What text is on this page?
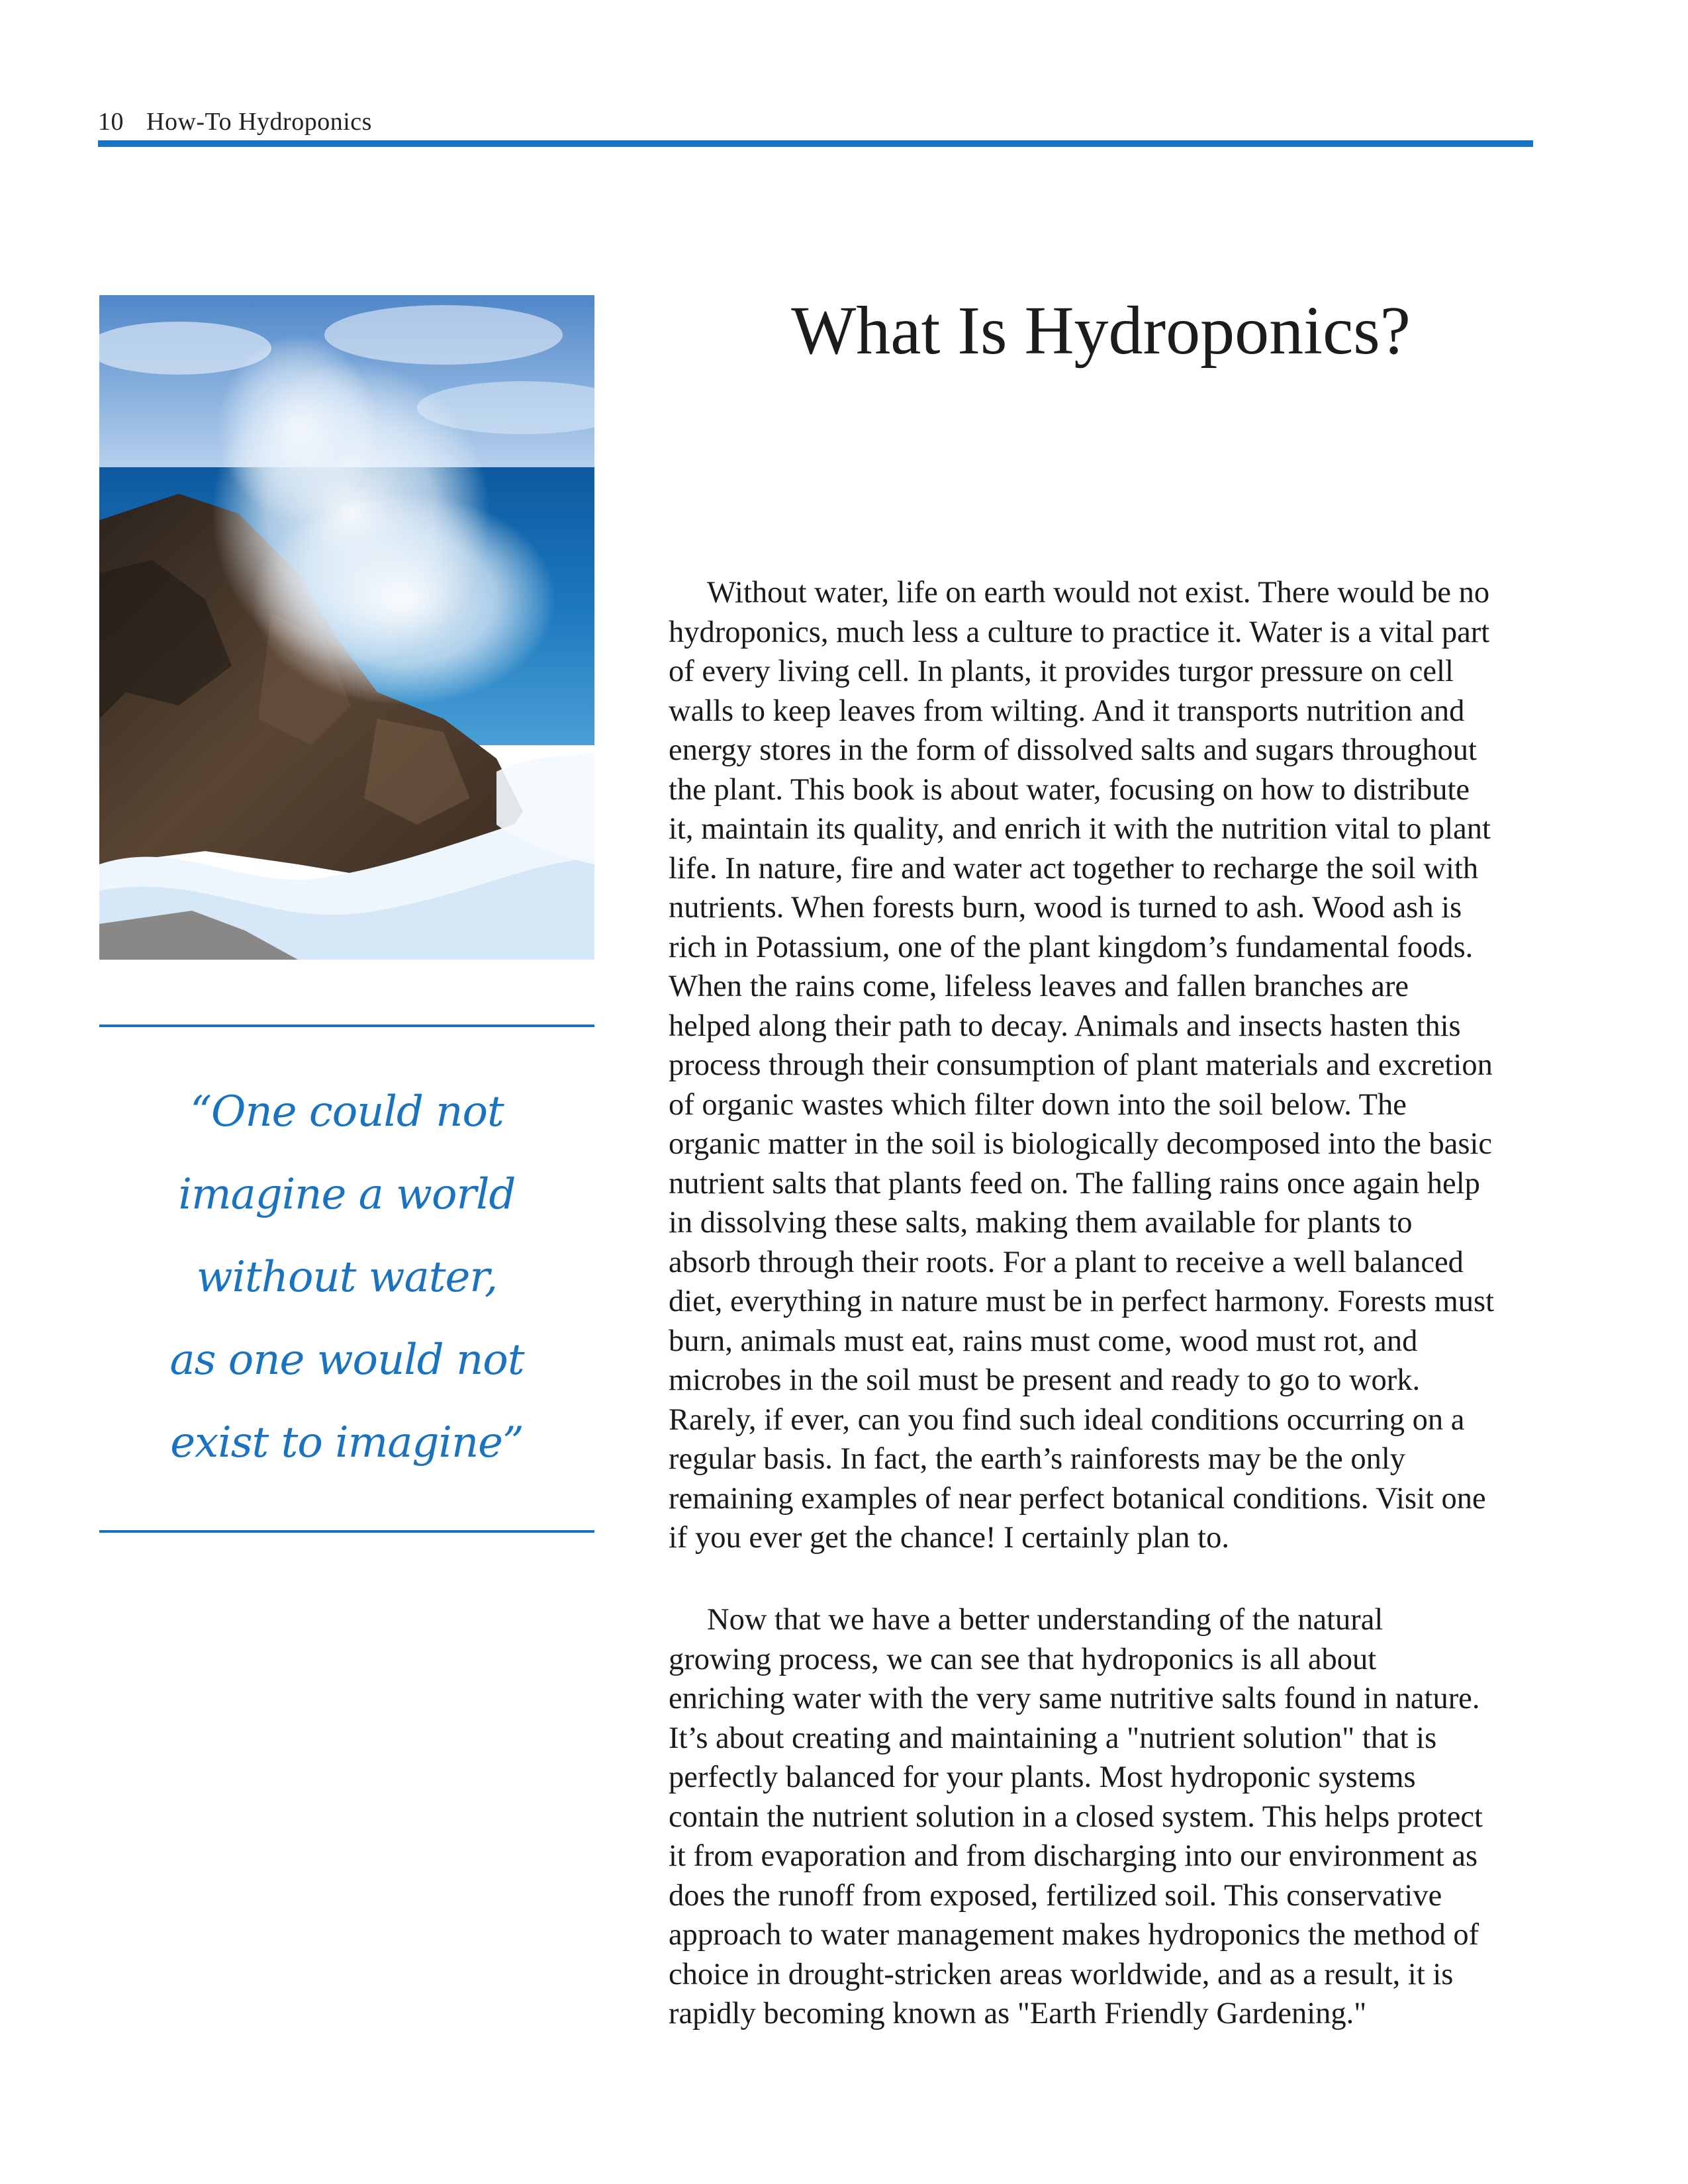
10 How-To Hydroponics
“One could not
imagine a world
without water,
as one would not
exist to imagine”
What Is Hydroponics?
Without water, life on earth would not exist. There would be no
hydroponics, much less a culture to practice it. Water is a vital part
of every living cell. In plants, it provides turgor pressure on cell
walls to keep leaves from wilting. And it transports nutrition and
energy stores in the form of dissolved salts and sugars throughout
the plant. This book is about water, focusing on how to distribute
it, maintain its quality, and enrich it with the nutrition vital to plant
life. In nature, fire and water act together to recharge the soil with
nutrients. When forests burn, wood is turned to ash. Wood ash is
rich in Potassium, one of the plant kingdom’s fundamental foods.
When the rains come, lifeless leaves and fallen branches are
helped along their path to decay. Animals and insects hasten this
process through their consumption of plant materials and excretion
of organic wastes which filter down into the soil below. The
organic matter in the soil is biologically decomposed into the basic
nutrient salts that plants feed on. The falling rains once again help
in dissolving these salts, making them available for plants to
absorb through their roots. For a plant to receive a well balanced
diet, everything in nature must be in perfect harmony. Forests must
burn, animals must eat, rains must come, wood must rot, and
microbes in the soil must be present and ready to go to work.
Rarely, if ever, can you find such ideal conditions occurring on a
regular basis. In fact, the earth’s rainforests may be the only
remaining examples of near perfect botanical conditions. Visit one
if you ever get the chance! I certainly plan to.
Now that we have a better understanding of the natural
growing process, we can see that hydroponics is all about
enriching water with the very same nutritive salts found in nature.
It’s about creating and maintaining a "nutrient solution" that is
perfectly balanced for your plants. Most hydroponic systems
contain the nutrient solution in a closed system. This helps protect
it from evaporation and from discharging into our environment as
does the runoff from exposed, fertilized soil. This conservative
approach to water management makes hydroponics the method of
choice in drought-stricken areas worldwide, and as a result, it is
rapidly becoming known as "Earth Friendly Gardening."
